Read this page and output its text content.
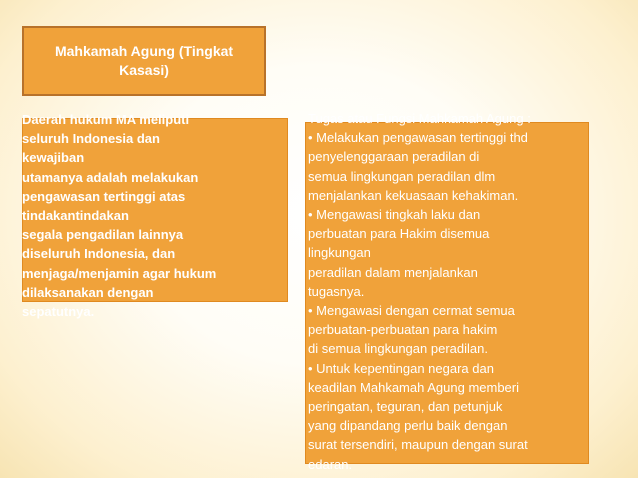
Mahkamah Agung (Tingkat Kasasi)

Daerah hukum MA meliputi
seluruh Indonesia dan
kewajiban
utamanya adalah melakukan
pengawasan tertinggi atas
tindakantindakan
segala pengadilan lainnya
diseluruh Indonesia, dan
menjaga/menjamin agar hukum
dilaksanakan dengan
sepatutnya.

Tugas atau Fungsi Mahkamah Agung :
• Melakukan pengawasan tertinggi thd
penyelenggaraan peradilan di
semua lingkungan peradilan dlm
menjalankan kekuasaan kehakiman.
• Mengawasi tingkah laku dan
perbuatan para Hakim disemua
lingkungan
peradilan dalam menjalankan
tugasnya.
• Mengawasi dengan cermat semua
perbuatan-perbuatan para hakim
di semua lingkungan peradilan.
• Untuk kepentingan negara dan
keadilan Mahkamah Agung memberi
peringatan, teguran, dan petunjuk
yang dipandang perlu baik dengan
surat tersendiri, maupun dengan surat
edaran.
